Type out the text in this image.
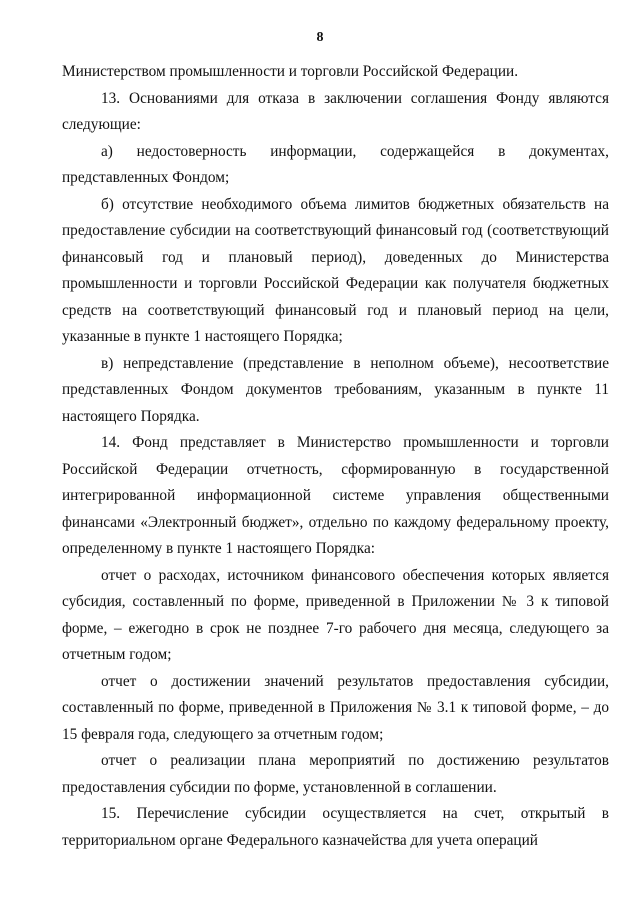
8

Министерством промышленности и торговли Российской Федерации.

13. Основаниями для отказа в заключении соглашения Фонду являются следующие:

а) недостоверность информации, содержащейся в документах, представленных Фондом;

б) отсутствие необходимого объема лимитов бюджетных обязательств на предоставление субсидии на соответствующий финансовый год (соответствующий финансовый год и плановый период), доведенных до Министерства промышленности и торговли Российской Федерации как получателя бюджетных средств на соответствующий финансовый год и плановый период на цели, указанные в пункте 1 настоящего Порядка;

в) непредставление (представление в неполном объеме), несоответствие представленных Фондом документов требованиям, указанным в пункте 11 настоящего Порядка.

14. Фонд представляет в Министерство промышленности и торговли Российской Федерации отчетность, сформированную в государственной интегрированной информационной системе управления общественными финансами «Электронный бюджет», отдельно по каждому федеральному проекту, определенному в пункте 1 настоящего Порядка:

отчет о расходах, источником финансового обеспечения которых является субсидия, составленный по форме, приведенной в Приложении № 3 к типовой форме, – ежегодно в срок не позднее 7-го рабочего дня месяца, следующего за отчетным годом;

отчет о достижении значений результатов предоставления субсидии, составленный по форме, приведенной в Приложения № 3.1 к типовой форме, – до 15 февраля года, следующего за отчетным годом;

отчет о реализации плана мероприятий по достижению результатов предоставления субсидии по форме, установленной в соглашении.

15. Перечисление субсидии осуществляется на счет, открытый в территориальном органе Федерального казначейства для учета операций
